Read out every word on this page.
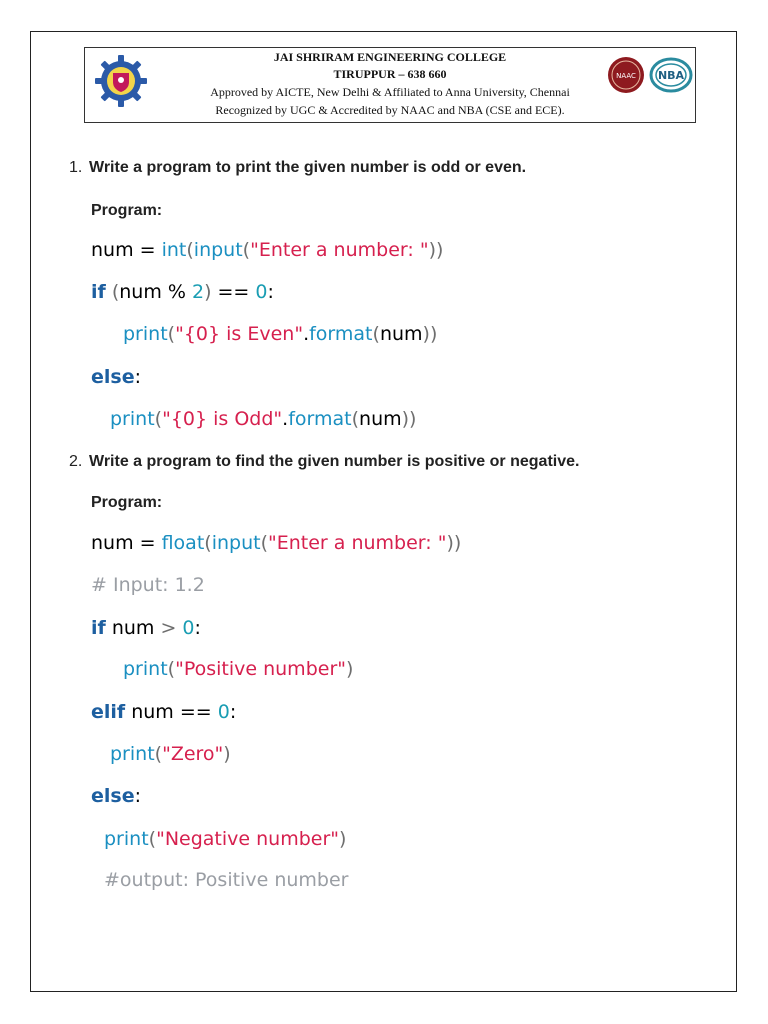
JAI SHRIRAM ENGINEERING COLLEGE
TIRUPPUR – 638 660
Approved by AICTE, New Delhi & Affiliated to Anna University, Chennai
Recognized by UGC & Accredited by NAAC and NBA (CSE and ECE).
NAAC NBA
1. Write a program to print the given number is odd or even.
Program:
num = int(input("Enter a number: "))
if (num % 2) == 0:
print("{0} is Even".format(num))
else:
print("{0} is Odd".format(num))
2. Write a program to find the given number is positive or negative.
Program:
num = float(input("Enter a number: "))
# Input: 1.2
if num > 0:
print("Positive number")
elif num == 0:
print("Zero")
else:
print("Negative number")
#output: Positive number
